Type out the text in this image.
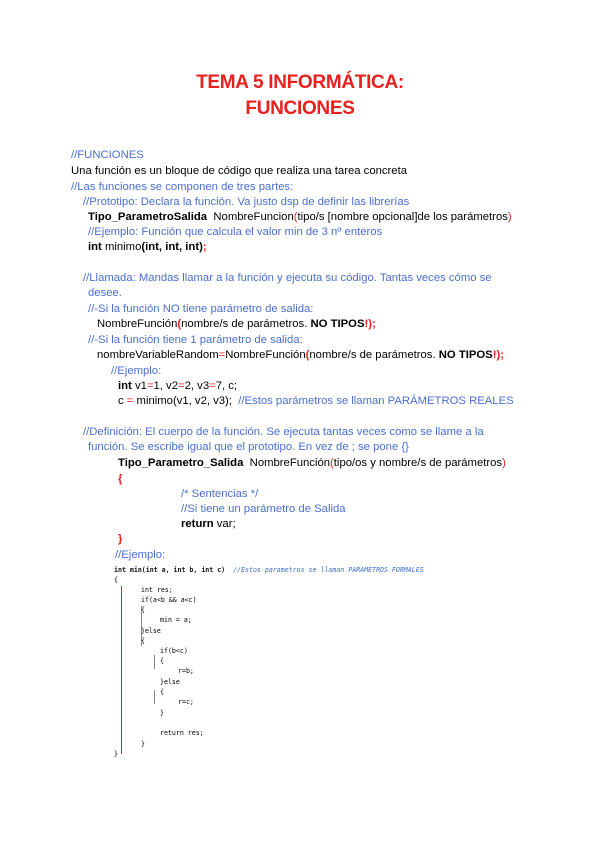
TEMA 5 INFORMÁTICA:
FUNCIONES
//FUNCIONES
Una función es un bloque de código que realiza una tarea concreta
//Las funciones se componen de tres partes:
//Prototipo: Declara la función. Va justo dsp de definir las librerías
Tipo_ParametroSalida NombreFuncion(tipo/s [nombre opcional]de los parámetros)
//Ejemplo: Función que calcula el valor min de 3 nº enteros
int minimo(int, int, int);
//Llamada: Mandas llamar a la función y ejecuta su código. Tantas veces cómo se
desee.
//-Si la función NO tiene parámetro de salida:
NombreFunción(nombre/s de parámetros. NO TIPOS!);
//-Si la función tiene 1 parámetro de salida:
nombreVariableRandom=NombreFunción(nombre/s de parámetros. NO TIPOS!);
//Ejemplo:
int v1=1, v2=2, v3=7, c;
c = minimo(v1, v2, v3); //Estos parámetros se llaman PARÁMETROS REALES
//Definición: El cuerpo de la función. Se ejecuta tantas veces como se llame a la
función. Se escribe igual que el prototipo. En vez de ; se pone {}
Tipo_Parametro_Salida NombreFunción(tipo/os y nombre/s de parámetros)
{
/* Sentencias */
//Si tiene un parámetro de Salida
return var;
}
//Ejemplo:
int min(int a, int b, int c) //Estos parametros se llaman PARAMETROS FORMALES
{
int res;
if(a<b && a<c)
{
min = a;
}else
{
if(b<c)
{
r=b;
}else
{
r=c;
}
return res;
}
}
